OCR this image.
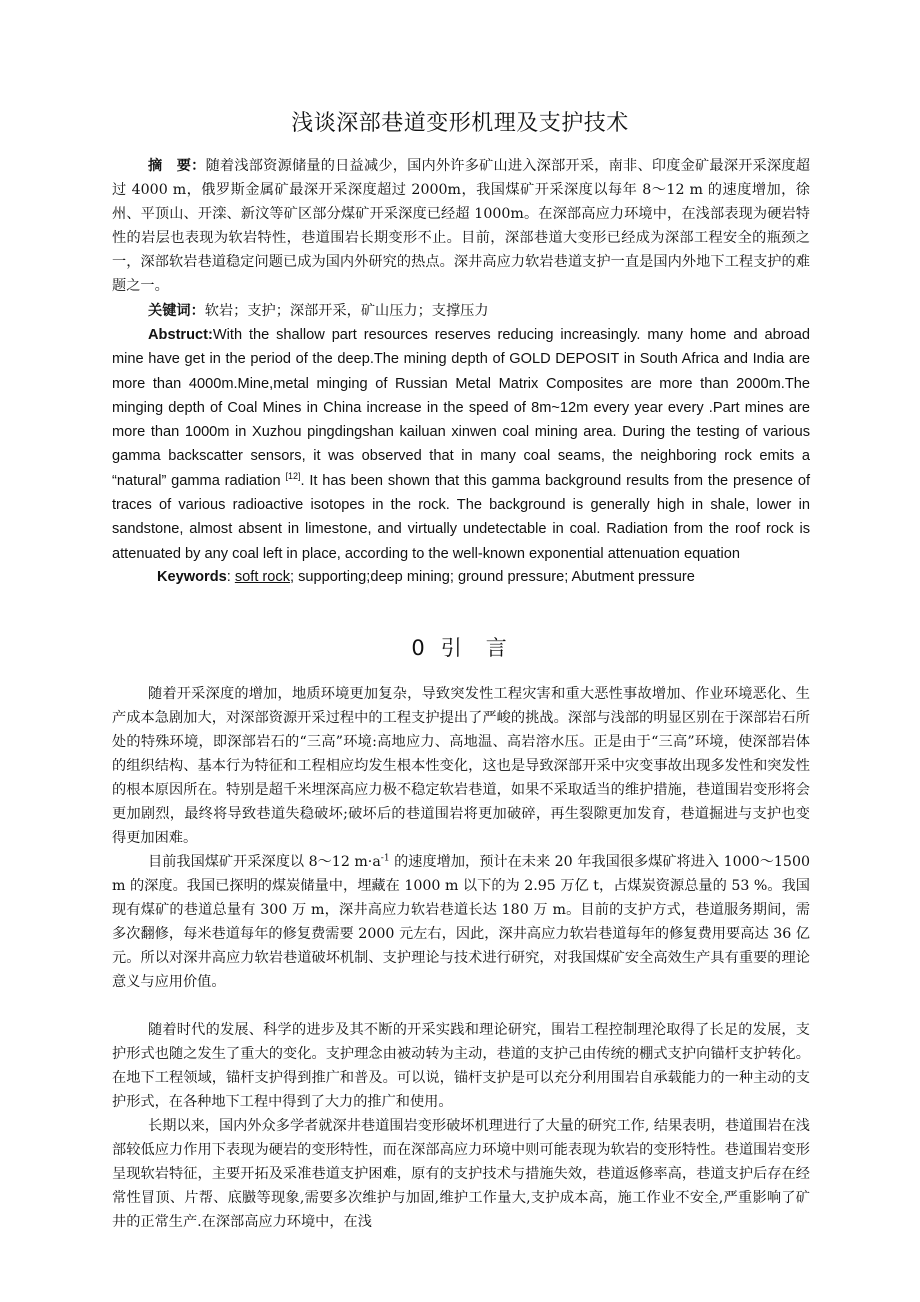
浅谈深部巷道变形机理及支护技术

摘　要：随着浅部资源储量的日益减少，国内外许多矿山进入深部开采，南非、印度金矿最深开采深度超过 4000 m，俄罗斯金属矿最深开采深度超过 2000m，我国煤矿开采深度以每年 8～12 m 的速度增加，徐州、平顶山、开滦、新汶等矿区部分煤矿开采深度已经超 1000m。在深部高应力环境中，在浅部表现为硬岩特性的岩层也表现为软岩特性，巷道围岩长期变形不止。目前，深部巷道大变形已经成为深部工程安全的瓶颈之一，深部软岩巷道稳定问题已成为国内外研究的热点。深井高应力软岩巷道支护一直是国内外地下工程支护的难题之一。

关键词：软岩；支护；深部开采，矿山压力；支撑压力

Abstruct:With the shallow part resources reserves reducing increasingly. many home and abroad mine have get in the period of the deep.The mining depth of GOLD DEPOSIT in South Africa and India are more than 4000m.Mine,metal minging of Russian Metal Matrix Composites are more than 2000m.The minging depth of Coal Mines in China increase in the speed of 8m~12m every year every .Part mines are more than 1000m in Xuzhou pingdingshan kailuan xinwen coal mining area. During the testing of various gamma backscatter sensors, it was observed that in many coal seams, the neighboring rock emits a “natural” gamma radiation [12]. It has been shown that this gamma background results from the presence of traces of various radioactive isotopes in the rock. The background is generally high in shale, lower in sandstone, almost absent in limestone, and virtually undetectable in coal. Radiation from the roof rock is attenuated by any coal left in place, according to the well-known exponential attenuation equation

Keywords: soft rock; supporting;deep mining; ground pressure; Abutment pressure

0 引 言

随着开采深度的增加，地质环境更加复杂，导致突发性工程灾害和重大恶性事故增加、作业环境恶化、生产成本急剧加大，对深部资源开采过程中的工程支护提出了严峻的挑战。深部与浅部的明显区别在于深部岩石所处的特殊环境，即深部岩石的“三高”环境:高地应力、高地温、高岩溶水压。正是由于“三高”环境，使深部岩体的组织结构、基本行为特征和工程相应均发生根本性变化，这也是导致深部开采中灾变事故出现多发性和突发性的根本原因所在。特别是超千米埋深高应力极不稳定软岩巷道，如果不采取适当的维护措施，巷道围岩变形将会更加剧烈，最终将导致巷道失稳破坏;破坏后的巷道围岩将更加破碎，再生裂隙更加发育，巷道掘进与支护也变得更加困难。

目前我国煤矿开采深度以 8～12 $m\cdot a^{-1}$ 的速度增加，预计在未来 20 年我国很多煤矿将进入 1000～1500 m 的深度。我国已探明的煤炭储量中，埋藏在 1000 m 以下的为 2.95 万亿 t，占煤炭资源总量的 53 %。我国现有煤矿的巷道总量有 300 万 m，深井高应力软岩巷道长达 180 万 m。目前的支护方式，巷道服务期间，需多次翻修，每米巷道每年的修复费需要 2000 元左右，因此，深井高应力软岩巷道每年的修复费用要高达 36 亿元。所以对深井高应力软岩巷道破坏机制、支护理论与技术进行研究，对我国煤矿安全高效生产具有重要的理论意义与应用价值。

随着时代的发展、科学的进步及其不断的开采实践和理论研究，围岩工程控制理沦取得了长足的发展，支护形式也随之发生了重大的变化。支护理念由被动转为主动，巷道的支护己由传统的棚式支护向锚杆支护转化。在地下工程领域，锚杆支护得到推广和普及。可以说，锚杆支护是可以充分利用围岩自承载能力的一种主动的支护形式，在各种地下工程中得到了大力的推广和使用。

长期以来，国内外众多学者就深井巷道围岩变形破坏机理进行了大量的研究工作, 结果表明，巷道围岩在浅部较低应力作用下表现为硬岩的变形特性，而在深部高应力环境中则可能表现为软岩的变形特性。巷道围岩变形呈现软岩特征，主要开拓及采准巷道支护困难，原有的支护技术与措施失效，巷道返修率高，巷道支护后存在经常性冒顶、片帮、底臌等现象,需要多次维护与加固,维护工作量大,支护成本高，施工作业不安全,严重影响了矿井的正常生产.在深部高应力环境中，在浅
